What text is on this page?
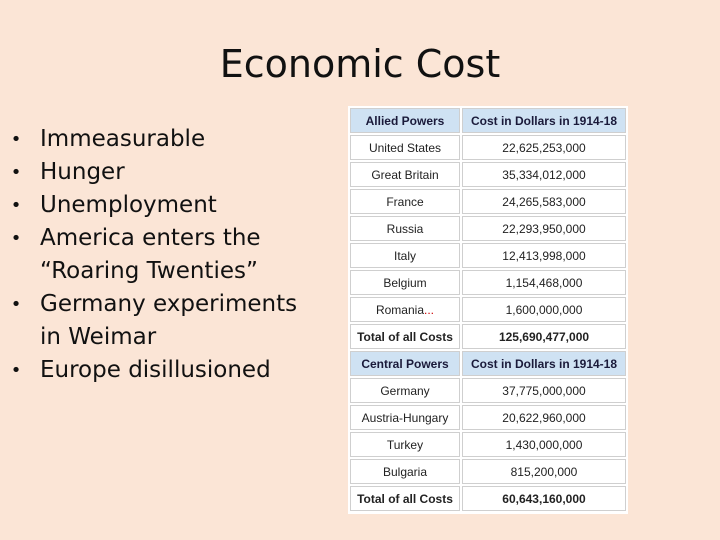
Economic Cost
• Immeasurable
• Hunger
• Unemployment
• America enters the “Roaring Twenties”
• Germany experiments in Weimar
• Europe disillusioned
Allied Powers	Cost in Dollars in 1914-18
United States	22,625,253,000
Great Britain	35,334,012,000
France	24,265,583,000
Russia	22,293,950,000
Italy	12,413,998,000
Belgium	1,154,468,000
Romania...	1,600,000,000
Total of all Costs	125,690,477,000
Central Powers	Cost in Dollars in 1914-18
Germany	37,775,000,000
Austria-Hungary	20,622,960,000
Turkey	1,430,000,000
Bulgaria	815,200,000
Total of all Costs	60,643,160,000
